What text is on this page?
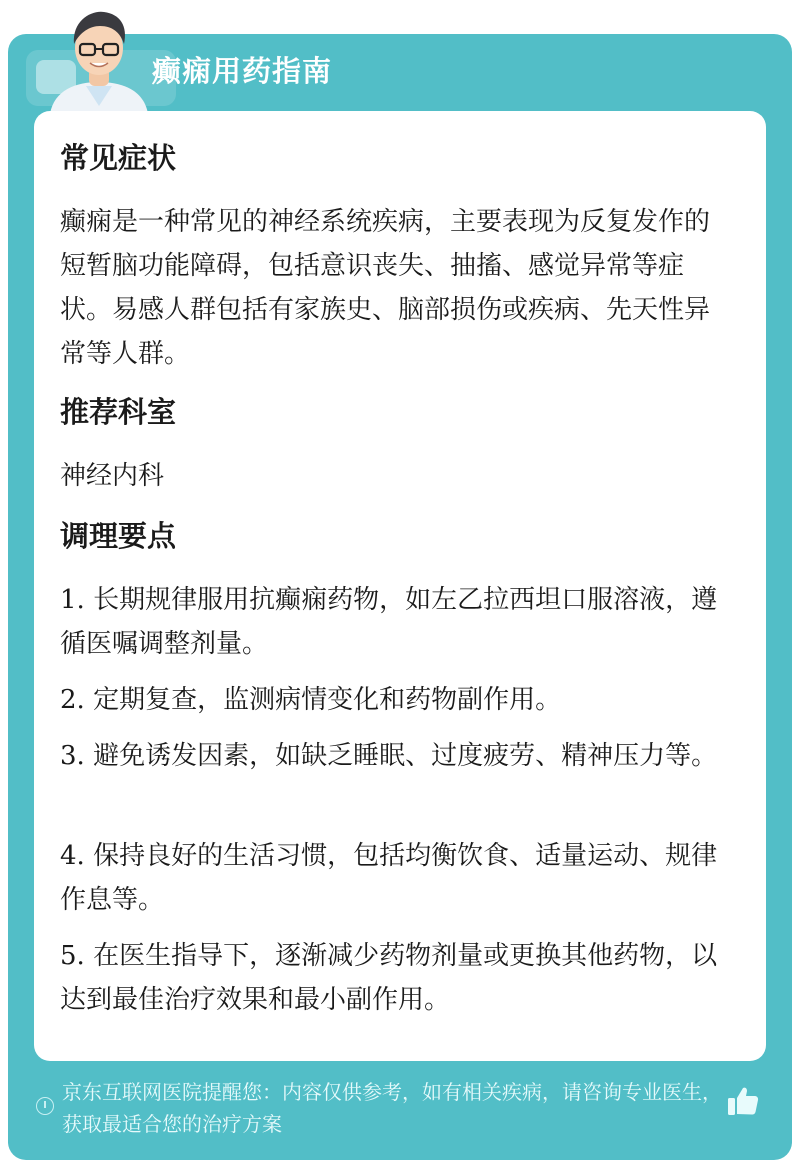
癫痫用药指南
常见症状
癫痫是一种常见的神经系统疾病，主要表现为反复发作的短暂脑功能障碍，包括意识丧失、抽搐、感觉异常等症状。易感人群包括有家族史、脑部损伤或疾病、先天性异常等人群。
推荐科室
神经内科
调理要点
1. 长期规律服用抗癫痫药物，如左乙拉西坦口服溶液，遵循医嘱调整剂量。
2. 定期复查，监测病情变化和药物副作用。
3. 避免诱发因素，如缺乏睡眠、过度疲劳、精神压力等。
4. 保持良好的生活习惯，包括均衡饮食、适量运动、规律作息等。
5. 在医生指导下，逐渐减少药物剂量或更换其他药物，以达到最佳治疗效果和最小副作用。
京东互联网医院提醒您：内容仅供参考，如有相关疾病，请咨询专业医生，获取最适合您的治疗方案
